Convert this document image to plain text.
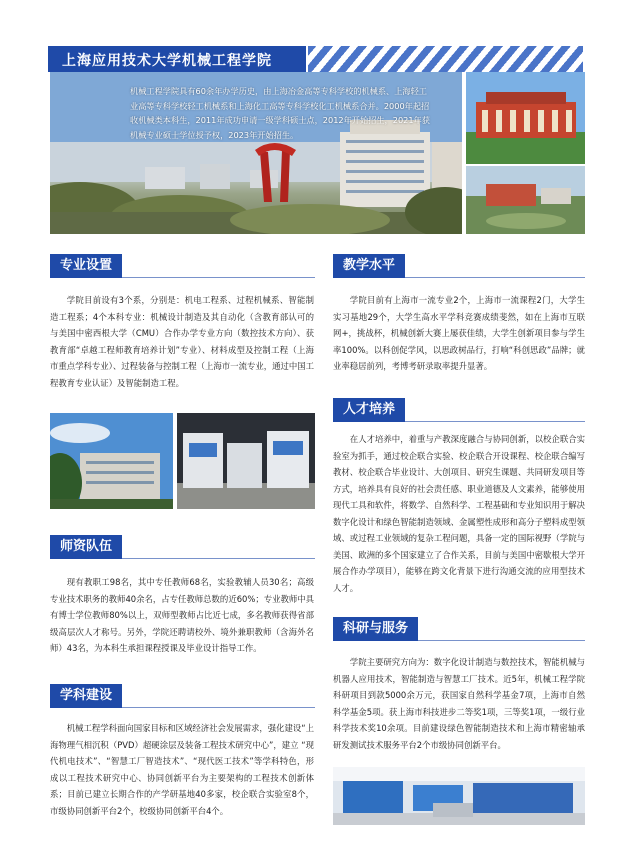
上海应用技术大学机械工程学院
机械工程学院具有60余年办学历史，由上海冶金高等专科学校的机械系、上海轻工业高等专科学校轻工机械系和上海化工高等专科学校化工机械系合并。2000年起招收机械类本科生，2011年成功申请一级学科硕士点，2012年开始招生，2021年获机械专业硕士学位授予权，2023年开始招生。
专业设置
学院目前设有3个系，分别是：机电工程系、过程机械系、智能制造工程系；4个本科专业：机械设计制造及其自动化（含教育部认可的与美国中密西根大学（CMU）合作办学专业方向（数控技术方向）、获教育部“卓越工程师教育培养计划”专业）、材料成型及控制工程（上海市重点学科专业）、过程装备与控制工程（上海市一流专业，通过中国工程教育专业认证）及智能制造工程。
师资队伍
现有教职工98名，其中专任教师68名，实验教辅人员30名；高级专业技术职务的教师40余名，占专任教师总数的近60%；专业教师中具有博士学位教师80%以上，双师型教师占比近七成，多名教师获得省部级高层次人才称号。另外，学院还聘请校外、境外兼职教师（含海外名师）43名，为本科生承担课程授课及毕业设计指导工作。
学科建设
机械工程学科面向国家目标和区域经济社会发展需求，强化建设“上海物理气相沉积（PVD）超硬涂层及装备工程技术研究中心”，建立 “现代机电技术”、“智慧工厂智造技术”、“现代医工技术”等学科特色，形成以工程技术研究中心、协同创新平台为主要架构的工程技术创新体系；目前已建立长期合作的产学研基地40多家，校企联合实验室8个，市级协同创新平台2个，校级协同创新平台4个。
教学水平
学院目前有上海市一流专业2个，上海市一流课程2门，大学生实习基地29个，大学生高水平学科竞赛成绩斐然，如在上海市互联网+，挑战杯，机械创新大赛上屡获佳绩，大学生创新项目参与学生率100%。以科创促学风，以思政树品行，打响“科创思政”品牌；就业率稳居前列，考博考研录取率提升显著。
人才培养
在人才培养中，着重与产教深度融合与协同创新，以校企联合实验室为抓手，通过校企联合实验、校企联合开设课程、校企联合编写教材、校企联合毕业设计、大创项目、研究生课题、共同研发项目等方式，培养具有良好的社会责任感、职业道德及人文素养，能够使用现代工具和软件，将数学、自然科学、工程基础和专业知识用于解决数字化设计和绿色智能制造领域、金属塑性成形和高分子塑料成型领域、或过程工业领域的复杂工程问题，具备一定的国际视野（学院与美国、欧洲的多个国家建立了合作关系，目前与美国中密歇根大学开展合作办学项目），能够在跨文化背景下进行沟通交流的应用型技术人才。
科研与服务
学院主要研究方向为：数字化设计制造与数控技术，智能机械与机器人应用技术，智能制造与智慧工厂技术。近5年，机械工程学院科研项目到款5000余万元，获国家自然科学基金7项，上海市自然科学基金5项。获上海市科技进步二等奖1项，三等奖1项，一级行业科学技术奖10余项。目前建设绿色智能制造技术和上海市精密轴承研发测试技术服务平台2个市级协同创新平台。
